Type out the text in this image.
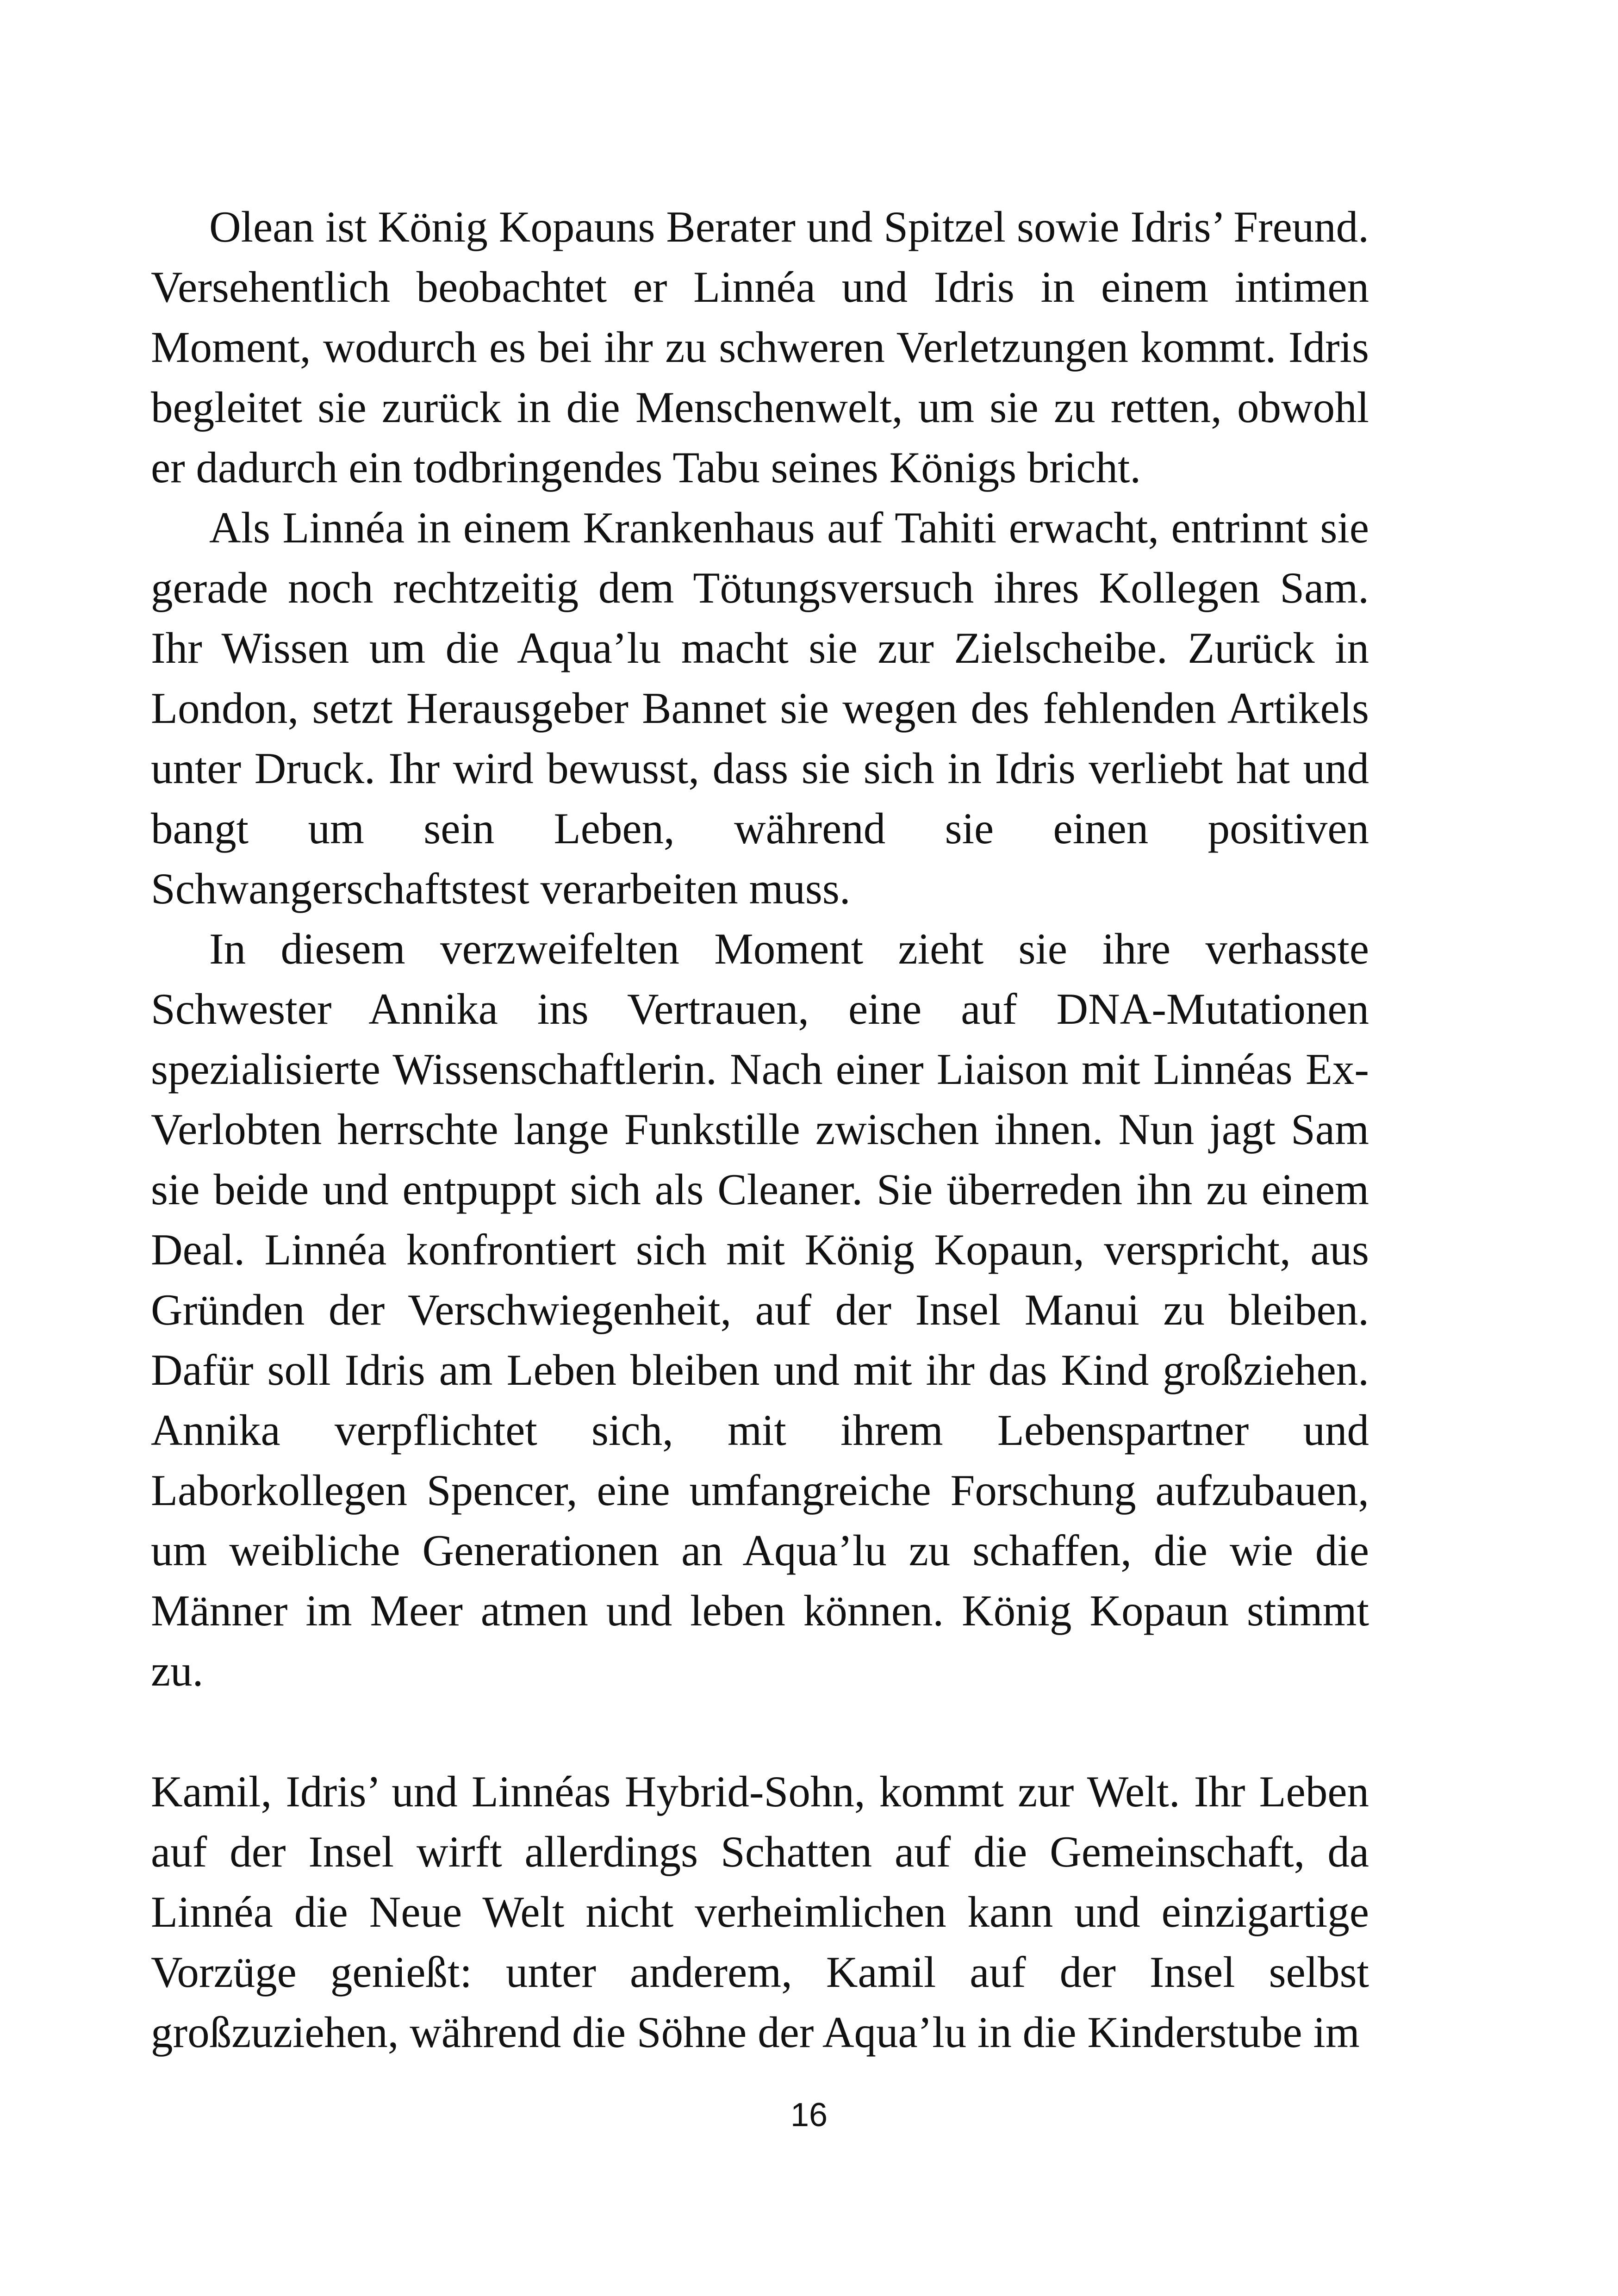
Olean ist König Kopauns Berater und Spitzel sowie Idris’ Freund. Versehentlich beobachtet er Linnéa und Idris in einem intimen Moment, wodurch es bei ihr zu schweren Verletzungen kommt. Idris begleitet sie zurück in die Menschenwelt, um sie zu retten, obwohl er dadurch ein todbringendes Tabu seines Königs bricht.

Als Linnéa in einem Krankenhaus auf Tahiti erwacht, entrinnt sie gerade noch rechtzeitig dem Tötungsversuch ihres Kollegen Sam. Ihr Wissen um die Aqua’lu macht sie zur Zielscheibe. Zurück in London, setzt Herausgeber Bannet sie wegen des fehlenden Artikels unter Druck. Ihr wird bewusst, dass sie sich in Idris verliebt hat und bangt um sein Leben, während sie einen positiven Schwangerschaftstest verarbeiten muss.

In diesem verzweifelten Moment zieht sie ihre verhasste Schwester Annika ins Vertrauen, eine auf DNA-Mutationen spezialisierte Wissenschaftlerin. Nach einer Liaison mit Linnéas Ex-Verlobten herrschte lange Funkstille zwischen ihnen. Nun jagt Sam sie beide und entpuppt sich als Cleaner. Sie überreden ihn zu einem Deal. Linnéa konfrontiert sich mit König Kopaun, verspricht, aus Gründen der Verschwiegenheit, auf der Insel Manui zu bleiben. Dafür soll Idris am Leben bleiben und mit ihr das Kind großziehen. Annika verpflichtet sich, mit ihrem Lebenspartner und Laborkollegen Spencer, eine umfangreiche Forschung aufzubauen, um weibliche Generationen an Aqua’lu zu schaffen, die wie die Männer im Meer atmen und leben können. König Kopaun stimmt zu.

Kamil, Idris’ und Linnéas Hybrid-Sohn, kommt zur Welt. Ihr Leben auf der Insel wirft allerdings Schatten auf die Gemeinschaft, da Linnéa die Neue Welt nicht verheimlichen kann und einzigartige Vorzüge genießt: unter anderem, Kamil auf der Insel selbst großzuziehen, während die Söhne der Aqua’lu in die Kinderstube im

16
